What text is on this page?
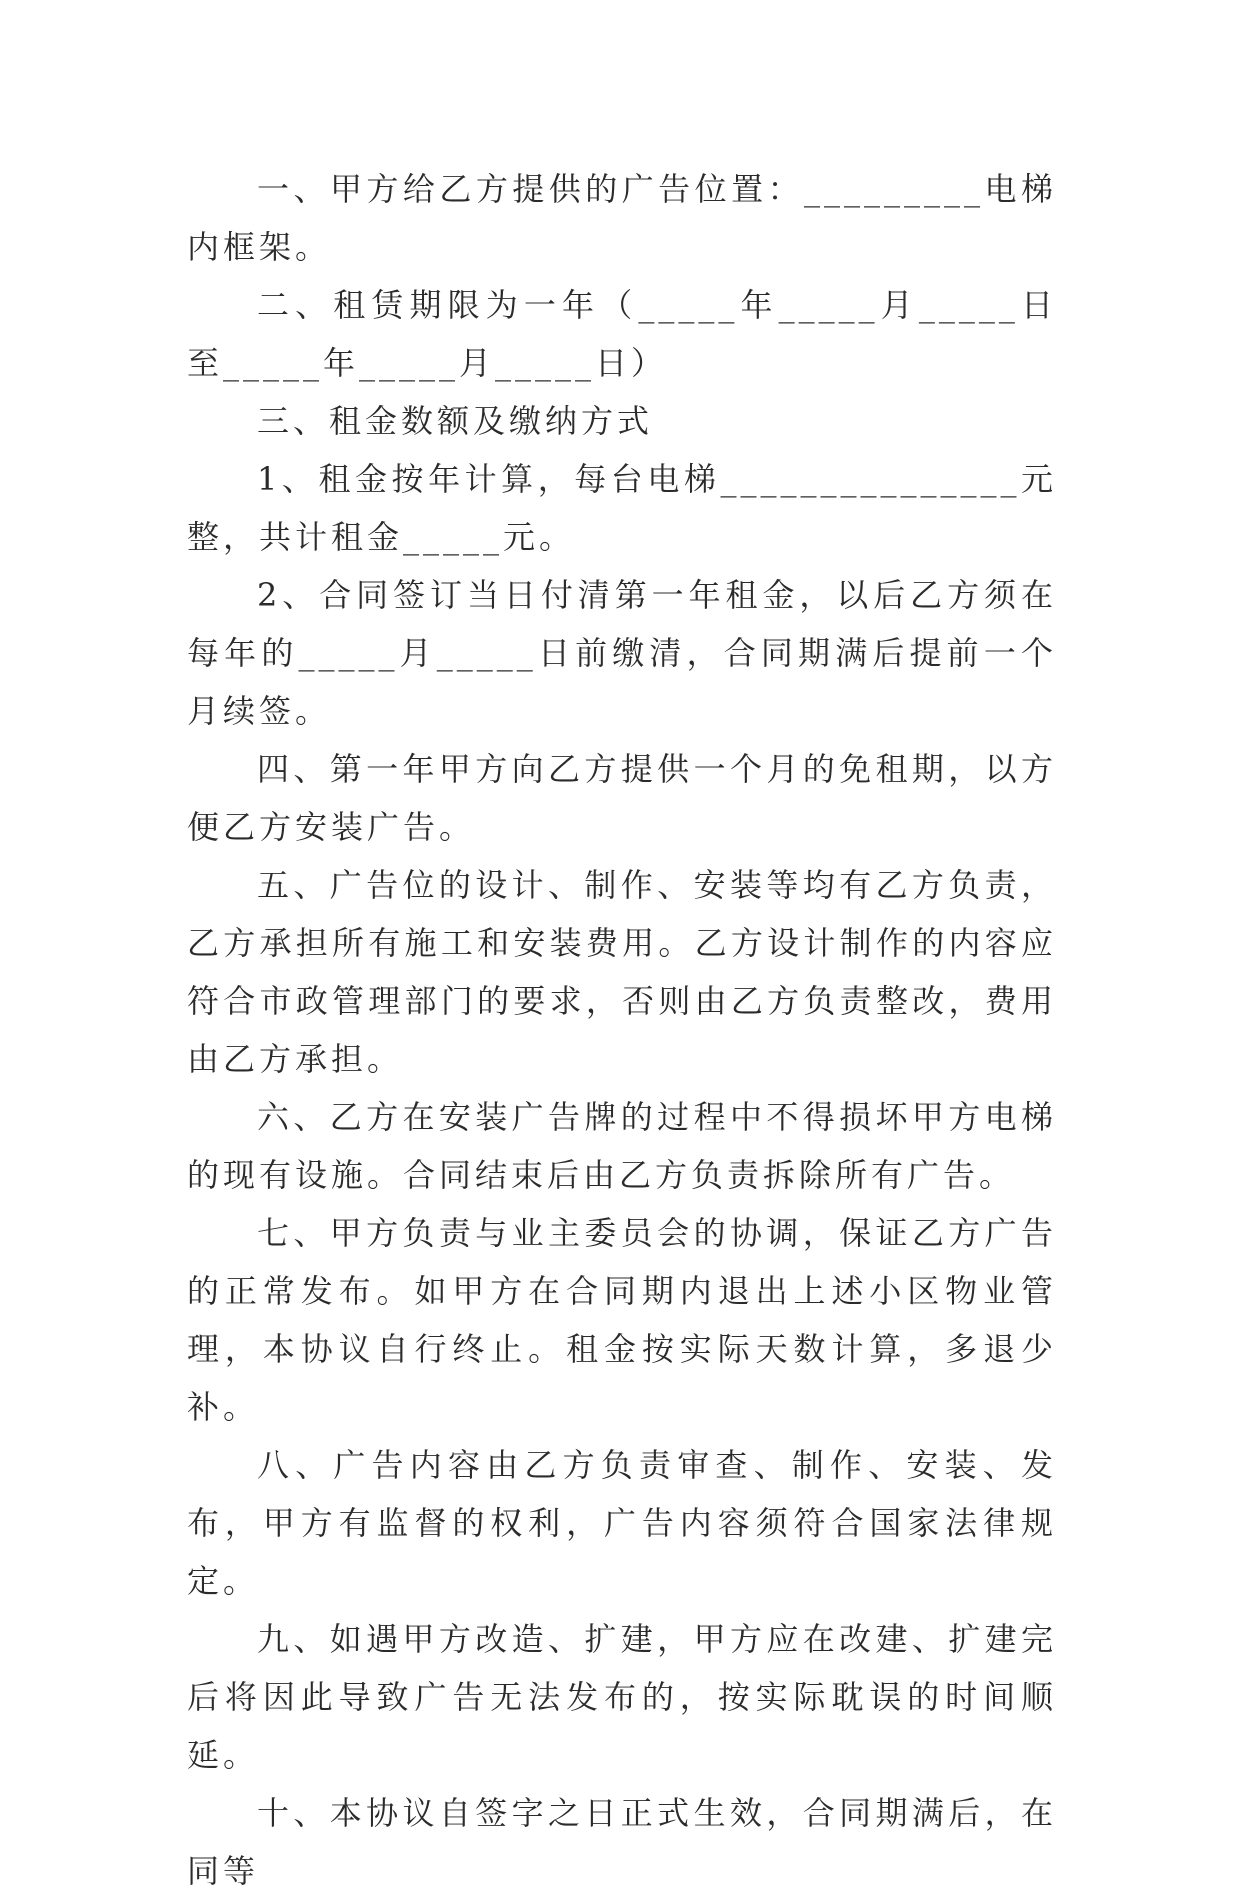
一、甲方给乙方提供的广告位置：_________电梯内框架。

二、租赁期限为一年（_____年_____月_____日至_____年_____月_____日）

三、租金数额及缴纳方式

1、租金按年计算，每台电梯_______________元整，共计租金_____元。

2、合同签订当日付清第一年租金，以后乙方须在每年的_____月_____日前缴清，合同期满后提前一个月续签。

四、第一年甲方向乙方提供一个月的免租期，以方便乙方安装广告。

五、广告位的设计、制作、安装等均有乙方负责，乙方承担所有施工和安装费用。乙方设计制作的内容应符合市政管理部门的要求，否则由乙方负责整改，费用由乙方承担。

六、乙方在安装广告牌的过程中不得损坏甲方电梯的现有设施。合同结束后由乙方负责拆除所有广告。

七、甲方负责与业主委员会的协调，保证乙方广告的正常发布。如甲方在合同期内退出上述小区物业管理，本协议自行终止。租金按实际天数计算，多退少补。

八、广告内容由乙方负责审查、制作、安装、发布，甲方有监督的权利，广告内容须符合国家法律规定。

九、如遇甲方改造、扩建，甲方应在改建、扩建完后将因此导致广告无法发布的，按实际耽误的时间顺延。

十、本协议自签字之日正式生效，合同期满后，在同等
